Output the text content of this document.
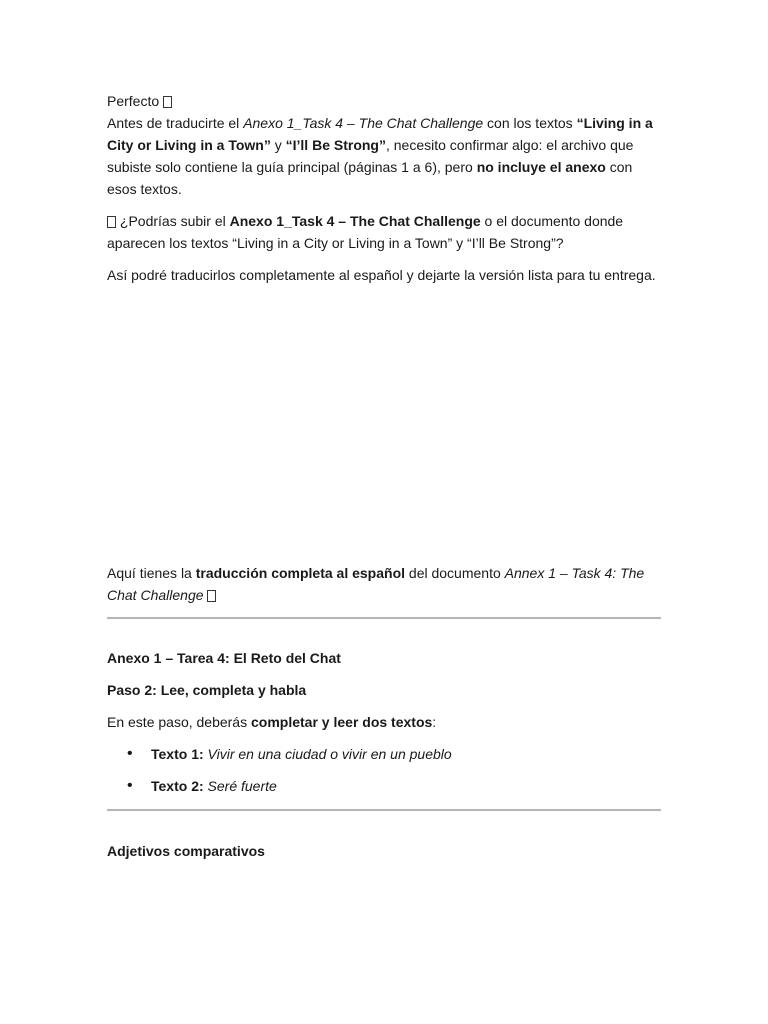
Perfecto

Antes de traducirte el Anexo 1_Task 4 – The Chat Challenge con los textos “Living in a City or Living in a Town” y “I’ll Be Strong”, necesito confirmar algo: el archivo que subiste solo contiene la guía principal (páginas 1 a 6), pero no incluye el anexo con esos textos.

¿Podrías subir el Anexo 1_Task 4 – The Chat Challenge o el documento donde aparecen los textos “Living in a City or Living in a Town” y “I’ll Be Strong”?

Así podré traducirlos completamente al español y dejarte la versión lista para tu entrega.

Aquí tienes la traducción completa al español del documento Annex 1 – Task 4: The Chat Challenge

Anexo 1 – Tarea 4: El Reto del Chat

Paso 2: Lee, completa y habla

En este paso, deberás completar y leer dos textos:

• Texto 1: Vivir en una ciudad o vivir en un pueblo
• Texto 2: Seré fuerte

Adjetivos comparativos
